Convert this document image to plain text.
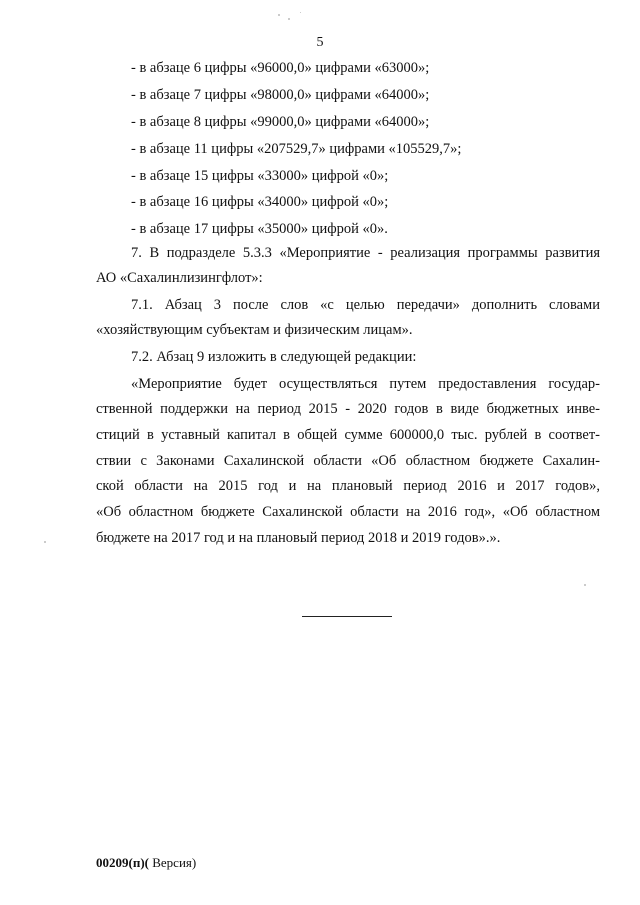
5
- в абзаце 6 цифры «96000,0» цифрами «63000»;
- в абзаце 7 цифры «98000,0» цифрами «64000»;
- в абзаце 8 цифры «99000,0» цифрами «64000»;
- в абзаце 11 цифры «207529,7» цифрами «105529,7»;
- в абзаце 15 цифры «33000» цифрой «0»;
- в абзаце 16 цифры «34000» цифрой «0»;
- в абзаце 17 цифры «35000» цифрой «0».
7. В подразделе 5.3.3 «Мероприятие - реализация программы развития
АО «Сахалинлизингфлот»:
7.1. Абзац 3 после слов «с целью передачи» дополнить словами
«хозяйствующим субъектам и физическим лицам».
7.2. Абзац 9 изложить в следующей редакции:
«Мероприятие будет осуществляться путем предоставления государ-
ственной поддержки на период 2015 - 2020 годов в виде бюджетных инве-
стиций в уставный капитал в общей сумме 600000,0 тыс. рублей в соответ-
ствии с Законами Сахалинской области «Об областном бюджете Сахалин-
ской области на 2015 год и на плановый период 2016 и 2017 годов»,
«Об областном бюджете Сахалинской области на 2016 год», «Об областном
бюджете на 2017 год и на плановый период 2018 и 2019 годов».».
00209(п)( Версия)
